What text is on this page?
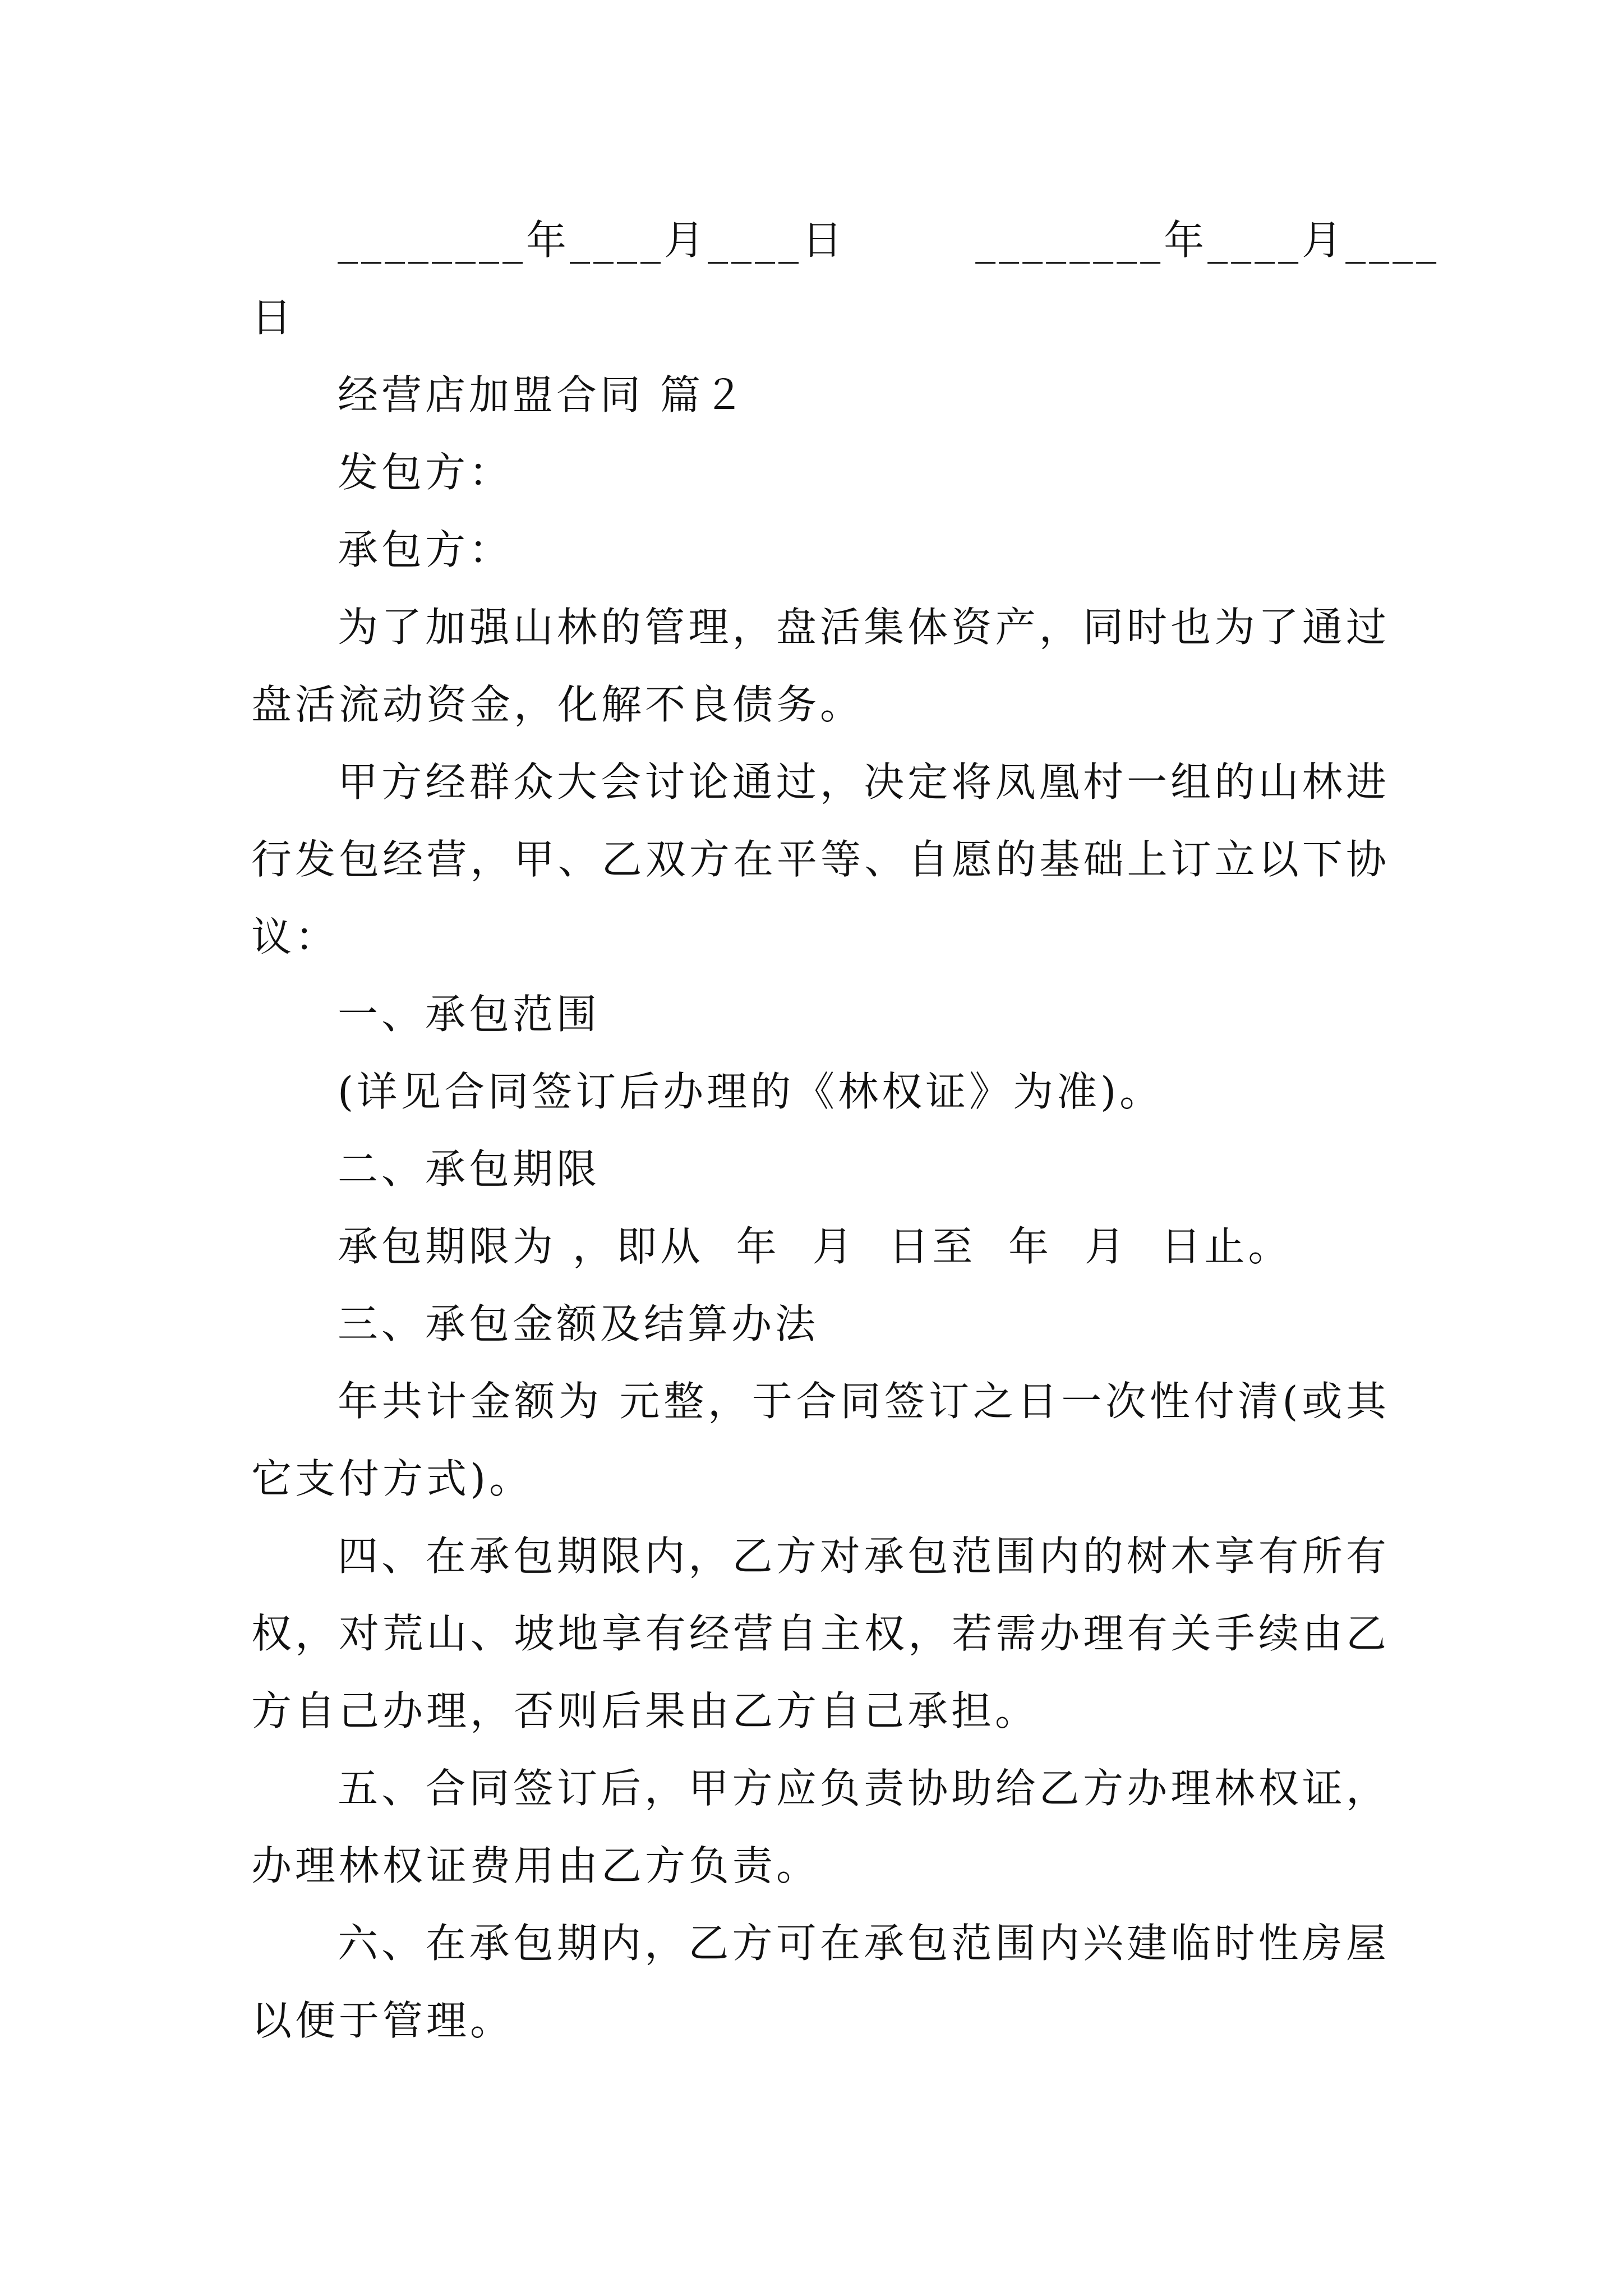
________年____月____日        ________年____月____
日
经营店加盟合同 篇２
发包方：
承包方：
为了加强山林的管理，盘活集体资产，同时也为了通过
盘活流动资金，化解不良债务。
甲方经群众大会讨论通过，决定将凤凰村一组的山林进
行发包经营，甲、乙双方在平等、自愿的基础上订立以下协
议：
一、承包范围
(详见合同签订后办理的《林权证》为准)。
二、承包期限
承包期限为 ，即从  年  月  日至  年  月  日止。
三、承包金额及结算办法
年共计金额为 元整，于合同签订之日一次性付清(或其
它支付方式)。
四、在承包期限内，乙方对承包范围内的树木享有所有
权，对荒山、坡地享有经营自主权，若需办理有关手续由乙
方自己办理，否则后果由乙方自己承担。
五、合同签订后，甲方应负责协助给乙方办理林权证，
办理林权证费用由乙方负责。
六、在承包期内，乙方可在承包范围内兴建临时性房屋
以便于管理。
